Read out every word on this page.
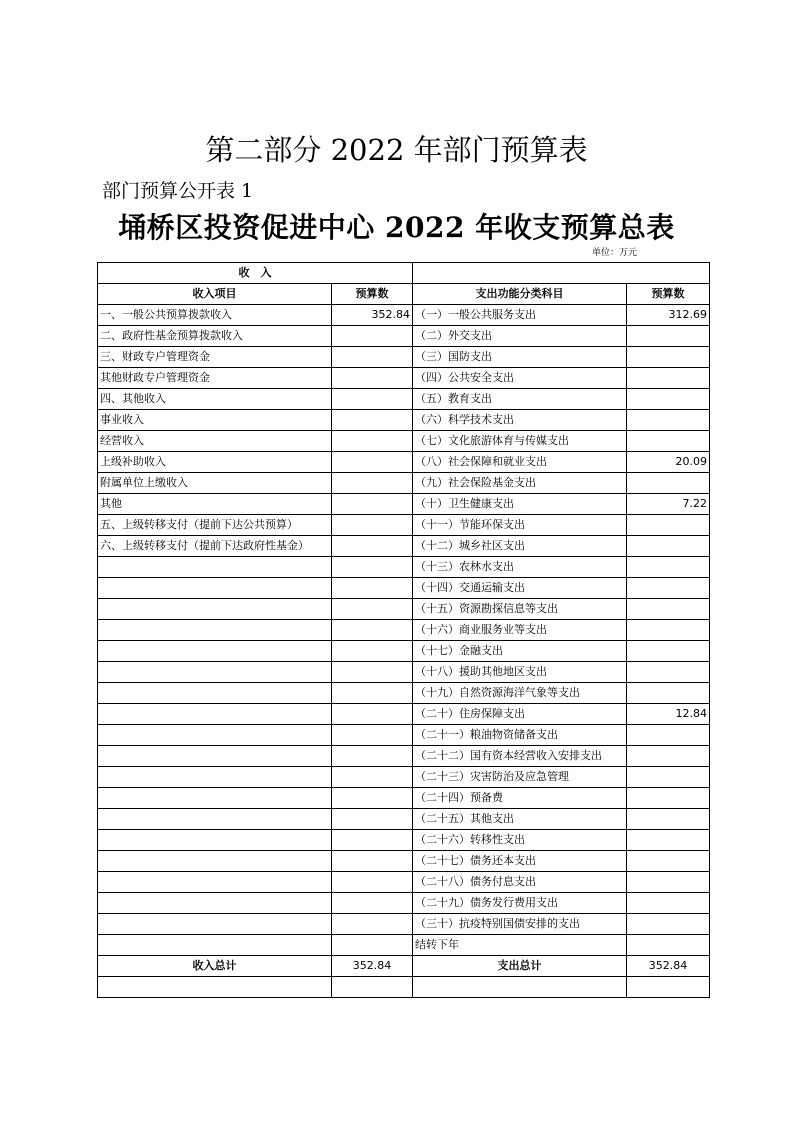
第二部分 2022 年部门预算表
部门预算公开表 1
埇桥区投资促进中心 2022 年收支预算总表
单位：万元
收　入			
收入项目	预算数	支出功能分类科目	预算数
一、一般公共预算拨款收入	352.84	（一）一般公共服务支出	312.69
二、政府性基金预算拨款收入		（二）外交支出	
三、财政专户管理资金		（三）国防支出	
其他财政专户管理资金		（四）公共安全支出	
四、其他收入		（五）教育支出	
事业收入		（六）科学技术支出	
经营收入		（七）文化旅游体育与传媒支出	
上级补助收入		（八）社会保障和就业支出	20.09
附属单位上缴收入		（九）社会保险基金支出	
其他		（十）卫生健康支出	7.22
五、上级转移支付（提前下达公共预算）		（十一）节能环保支出	
六、上级转移支付（提前下达政府性基金）		（十二）城乡社区支出	
		（十三）农林水支出	
		（十四）交通运输支出	
		（十五）资源勘探信息等支出	
		（十六）商业服务业等支出	
		（十七）金融支出	
		（十八）援助其他地区支出	
		（十九）自然资源海洋气象等支出	
		（二十）住房保障支出	12.84
		（二十一）粮油物资储备支出	
		（二十二）国有资本经营收入安排支出	
		（二十三）灾害防治及应急管理	
		（二十四）预备费	
		（二十五）其他支出	
		（二十六）转移性支出	
		（二十七）债务还本支出	
		（二十八）债务付息支出	
		（二十九）债务发行费用支出	
		（三十）抗疫特别国债安排的支出	
		结转下年	
收入总计	352.84	支出总计	352.84
